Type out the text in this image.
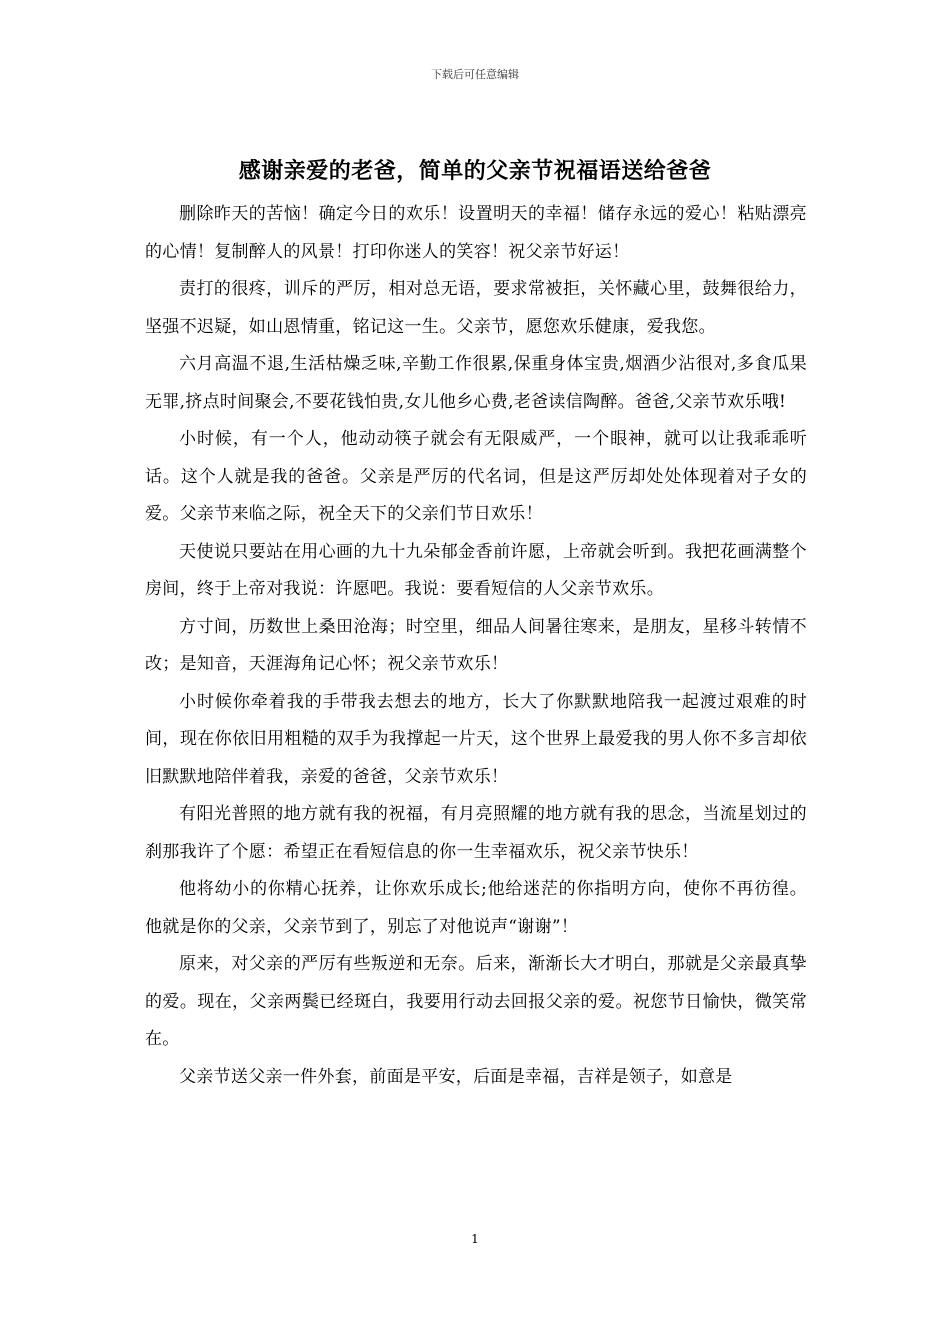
下载后可任意编辑
感谢亲爱的老爸，简单的父亲节祝福语送给爸爸

删除昨天的苦恼！确定今日的欢乐！设置明天的幸福！储存永远的爱心！粘贴漂亮的心情！复制醉人的风景！打印你迷人的笑容！祝父亲节好运！

责打的很疼，训斥的严厉，相对总无语，要求常被拒，关怀藏心里，鼓舞很给力，坚强不迟疑，如山恩情重，铭记这一生。父亲节，愿您欢乐健康，爱我您。

六月高温不退,生活枯燥乏味,辛勤工作很累,保重身体宝贵,烟酒少沾很对,多食瓜果无罪,挤点时间聚会,不要花钱怕贵,女儿他乡心费,老爸读信陶醉。爸爸,父亲节欢乐哦!

小时候，有一个人，他动动筷子就会有无限威严，一个眼神，就可以让我乖乖听话。这个人就是我的爸爸。父亲是严厉的代名词，但是这严厉却处处体现着对子女的爱。父亲节来临之际，祝全天下的父亲们节日欢乐！

天使说只要站在用心画的九十九朵郁金香前许愿，上帝就会听到。我把花画满整个房间，终于上帝对我说：许愿吧。我说：要看短信的人父亲节欢乐。

方寸间，历数世上桑田沧海；时空里，细品人间暑往寒来，是朋友，星移斗转情不改；是知音，天涯海角记心怀；祝父亲节欢乐！

小时候你牵着我的手带我去想去的地方，长大了你默默地陪我一起渡过艰难的时间，现在你依旧用粗糙的双手为我撑起一片天，这个世界上最爱我的男人你不多言却依旧默默地陪伴着我，亲爱的爸爸，父亲节欢乐！

有阳光普照的地方就有我的祝福，有月亮照耀的地方就有我的思念，当流星划过的刹那我许了个愿：希望正在看短信息的你一生幸福欢乐，祝父亲节快乐！

他将幼小的你精心抚养，让你欢乐成长;他给迷茫的你指明方向，使你不再彷徨。他就是你的父亲，父亲节到了，别忘了对他说声“谢谢”！

原来，对父亲的严厉有些叛逆和无奈。后来，渐渐长大才明白，那就是父亲最真挚的爱。现在，父亲两鬓已经斑白，我要用行动去回报父亲的爱。祝您节日愉快，微笑常在。

父亲节送父亲一件外套，前面是平安，后面是幸福，吉祥是领子，如意是

1
